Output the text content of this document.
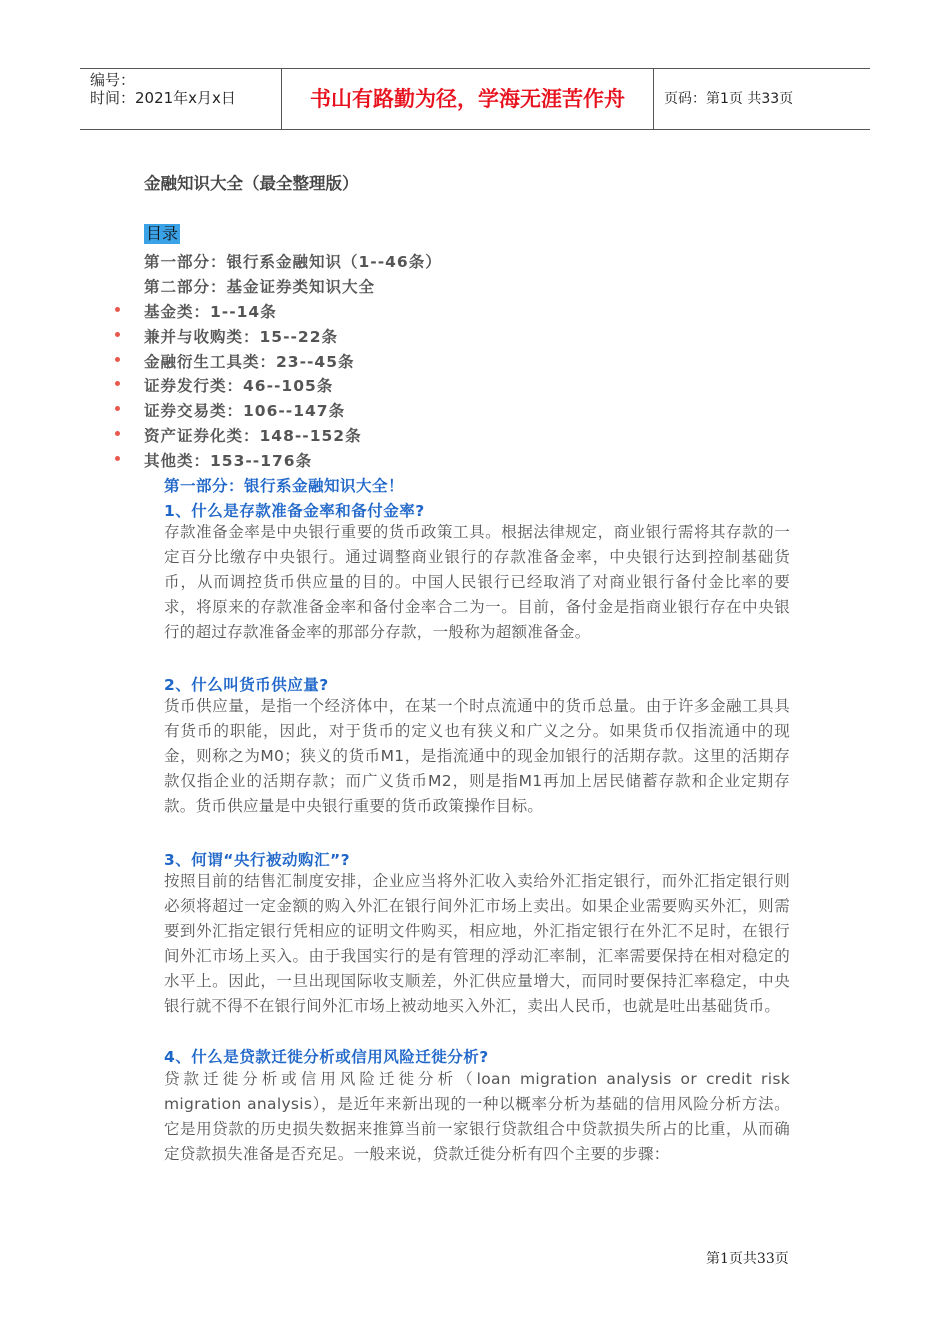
编号：
时间：2021年x月x日	书山有路勤为径，学海无涯苦作舟	页码：第1页 共33页
金融知识大全（最全整理版）
目录
第一部分：银行系金融知识（1--46条）
第二部分：基金证券类知识大全
基金类：1--14条
兼并与收购类：15--22条
金融衍生工具类：23--45条
证券发行类：46--105条
证券交易类：106--147条
资产证券化类：148--152条
其他类：153--176条
第一部分：银行系金融知识大全！
1、什么是存款准备金率和备付金率?
存款准备金率是中央银行重要的货币政策工具。根据法律规定，商业银行需将其存款的一定百分比缴存中央银行。通过调整商业银行的存款准备金率，中央银行达到控制基础货币，从而调控货币供应量的目的。中国人民银行已经取消了对商业银行备付金比率的要求，将原来的存款准备金率和备付金率合二为一。目前，备付金是指商业银行存在中央银行的超过存款准备金率的那部分存款，一般称为超额准备金。
2、什么叫货币供应量?
货币供应量，是指一个经济体中，在某一个时点流通中的货币总量。由于许多金融工具具有货币的职能，因此，对于货币的定义也有狭义和广义之分。如果货币仅指流通中的现金，则称之为M0；狭义的货币M1，是指流通中的现金加银行的活期存款。这里的活期存款仅指企业的活期存款；而广义货币M2，则是指M1再加上居民储蓄存款和企业定期存款。货币供应量是中央银行重要的货币政策操作目标。
3、何谓“央行被动购汇”?
按照目前的结售汇制度安排，企业应当将外汇收入卖给外汇指定银行，而外汇指定银行则必须将超过一定金额的购入外汇在银行间外汇市场上卖出。如果企业需要购买外汇，则需要到外汇指定银行凭相应的证明文件购买，相应地，外汇指定银行在外汇不足时，在银行间外汇市场上买入。由于我国实行的是有管理的浮动汇率制，汇率需要保持在相对稳定的水平上。因此，一旦出现国际收支顺差，外汇供应量增大，而同时要保持汇率稳定，中央银行就不得不在银行间外汇市场上被动地买入外汇，卖出人民币，也就是吐出基础货币。
4、什么是贷款迁徙分析或信用风险迁徙分析?
贷款迁徙分析或信用风险迁徙分析（loan migration analysis or credit risk migration analysis），是近年来新出现的一种以概率分析为基础的信用风险分析方法。它是用贷款的历史损失数据来推算当前一家银行贷款组合中贷款损失所占的比重，从而确定贷款损失准备是否充足。一般来说，贷款迁徙分析有四个主要的步骤：
第1页共33页
